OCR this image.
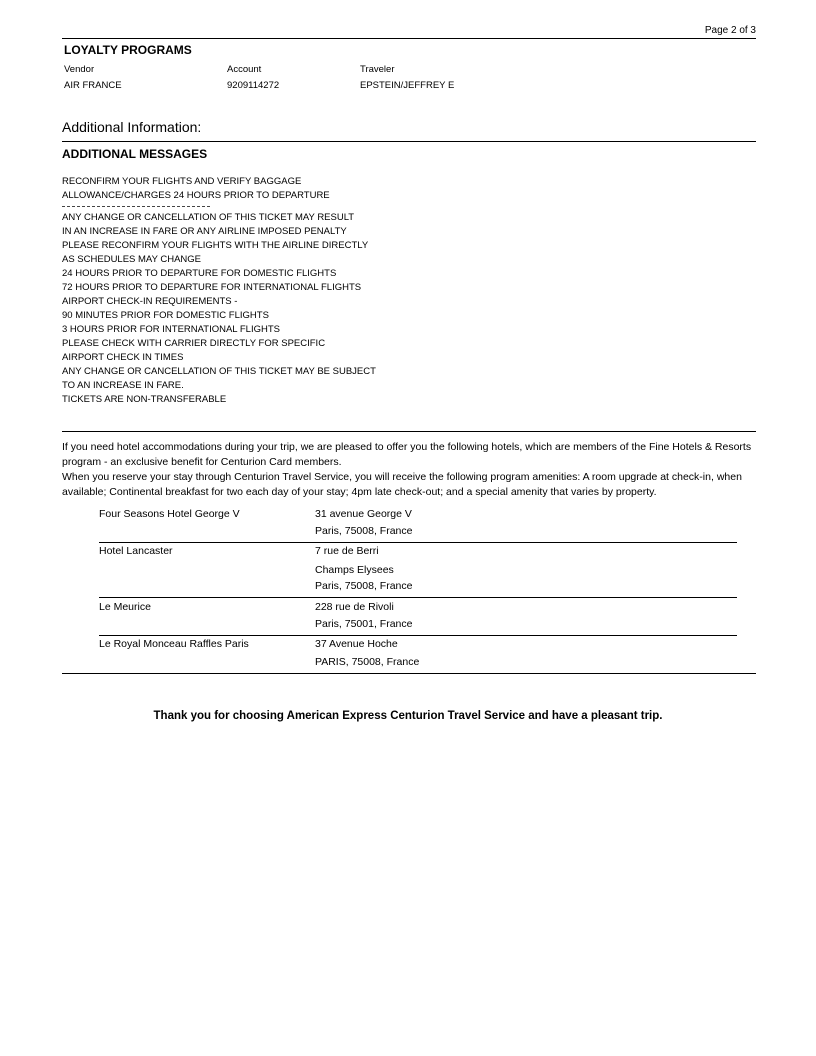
Page 2 of 3
LOYALTY PROGRAMS
Vendor	Account	Traveler
AIR FRANCE	9209114272	EPSTEIN/JEFFREY E
Additional Information:
ADDITIONAL MESSAGES
RECONFIRM YOUR FLIGHTS AND VERIFY BAGGAGE
ALLOWANCE/CHARGES 24 HOURS PRIOR TO DEPARTURE
ANY CHANGE OR CANCELLATION OF THIS TICKET MAY RESULT
IN AN INCREASE IN FARE OR ANY AIRLINE IMPOSED PENALTY
PLEASE RECONFIRM YOUR FLIGHTS WITH THE AIRLINE DIRECTLY
AS SCHEDULES MAY CHANGE
24 HOURS PRIOR TO DEPARTURE FOR DOMESTIC FLIGHTS
72 HOURS PRIOR TO DEPARTURE FOR INTERNATIONAL FLIGHTS
AIRPORT CHECK-IN REQUIREMENTS -
90 MINUTES PRIOR FOR DOMESTIC FLIGHTS
3 HOURS PRIOR FOR INTERNATIONAL FLIGHTS
PLEASE CHECK WITH CARRIER DIRECTLY FOR SPECIFIC
AIRPORT CHECK IN TIMES
ANY CHANGE OR CANCELLATION OF THIS TICKET MAY BE SUBJECT
TO AN INCREASE IN FARE.
TICKETS ARE NON-TRANSFERABLE
If you need hotel accommodations during your trip, we are pleased to offer you the following hotels, which are members of the Fine Hotels & Resorts program - an exclusive benefit for Centurion Card members.
When you reserve your stay through Centurion Travel Service, you will receive the following program amenities: A room upgrade at check-in, when available; Continental breakfast for two each day of your stay; 4pm late check-out; and a special amenity that varies by property.
Four Seasons Hotel George V	31 avenue George V
Paris, 75008, France
Hotel Lancaster	7 rue de Berri
Champs Elysees
Paris, 75008, France
Le Meurice	228 rue de Rivoli
Paris, 75001, France
Le Royal Monceau Raffles Paris	37 Avenue Hoche
PARIS, 75008, France
Thank you for choosing American Express Centurion Travel Service and have a pleasant trip.
